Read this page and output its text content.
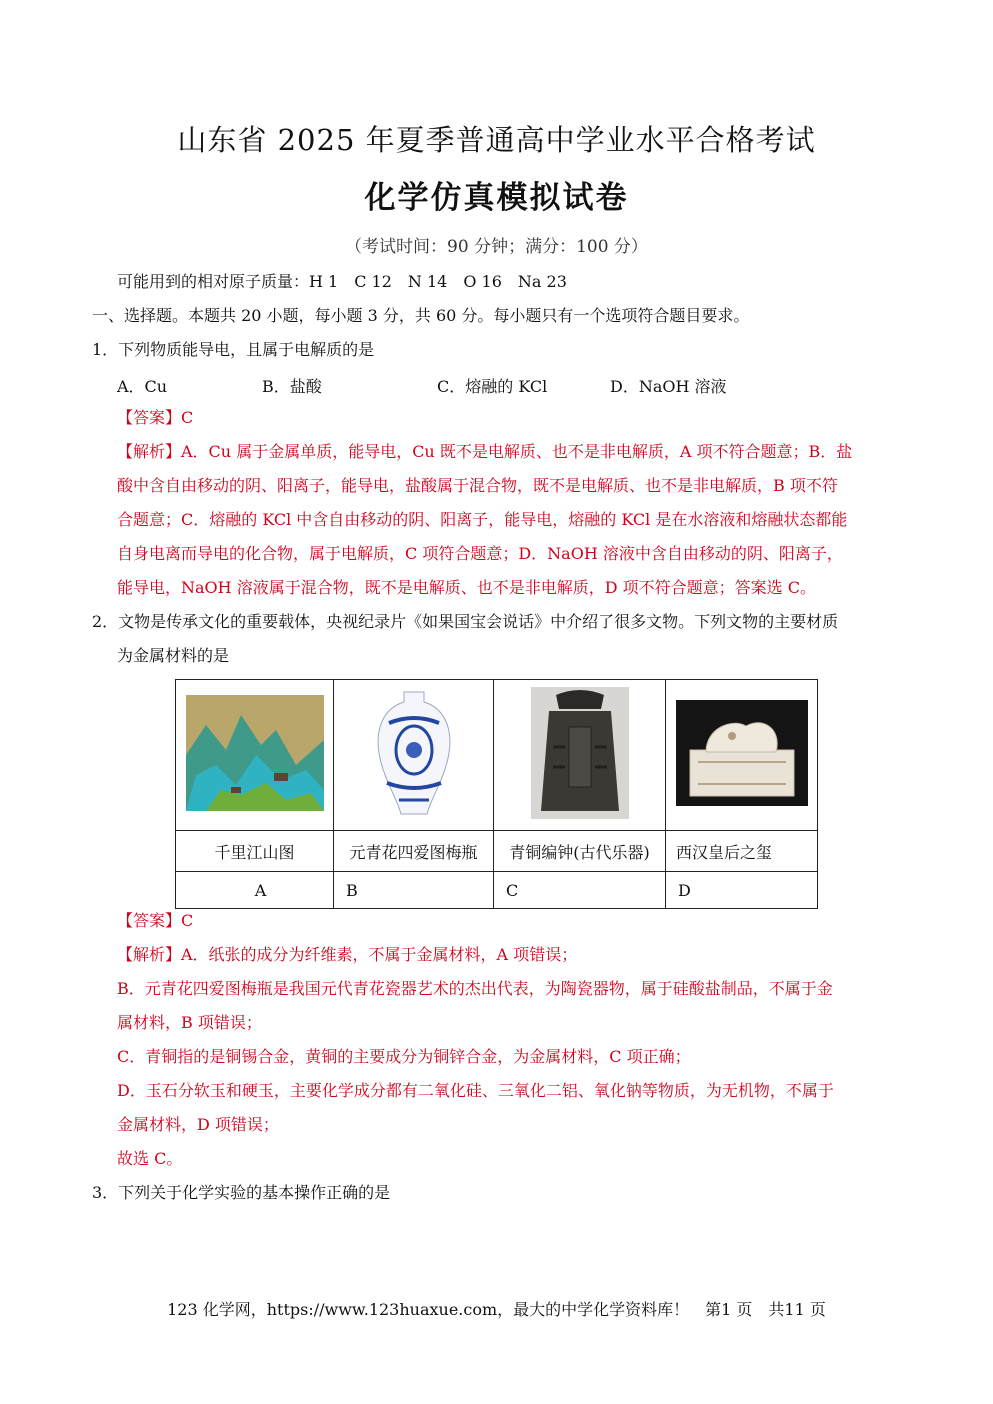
山东省 2025 年夏季普通高中学业水平合格考试
化学仿真模拟试卷
（考试时间：90 分钟；满分：100 分）
可能用到的相对原子质量：H 1　C 12　N 14　O 16　Na 23
一、选择题。本题共 20 小题，每小题 3 分，共 60 分。每小题只有一个选项符合题目要求。
1．下列物质能导电，且属于电解质的是
A．Cu	B．盐酸	C．熔融的 KCl	D．NaOH 溶液
【答案】C
【解析】A．Cu 属于金属单质，能导电，Cu 既不是电解质、也不是非电解质，A 项不符合题意；B．盐
酸中含自由移动的阴、阳离子，能导电，盐酸属于混合物，既不是电解质、也不是非电解质，B 项不符
合题意；C．熔融的 KCl 中含自由移动的阴、阳离子，能导电，熔融的 KCl 是在水溶液和熔融状态都能
自身电离而导电的化合物，属于电解质，C 项符合题意；D．NaOH 溶液中含自由移动的阴、阳离子，
能导电，NaOH 溶液属于混合物，既不是电解质、也不是非电解质，D 项不符合题意；答案选 C。
2．文物是传承文化的重要载体，央视纪录片《如果国宝会说话》中介绍了很多文物。下列文物的主要材质
为金属材料的是

千里江山图	元青花四爱图梅瓶	青铜编钟(古代乐器)	西汉皇后之玺
A	B	C	D
【答案】C
【解析】A．纸张的成分为纤维素，不属于金属材料，A 项错误；
B．元青花四爱图梅瓶是我国元代青花瓷器艺术的杰出代表，为陶瓷器物，属于硅酸盐制品，不属于金
属材料，B 项错误；
C．青铜指的是铜锡合金，黄铜的主要成分为铜锌合金，为金属材料，C 项正确；
D．玉石分软玉和硬玉，主要化学成分都有二氧化硅、三氧化二铝、氧化钠等物质，为无机物，不属于
金属材料，D 项错误；
故选 C。
3．下列关于化学实验的基本操作正确的是
123 化学网，https://www.123huaxue.com，最大的中学化学资料库！　第1 页　共11 页
